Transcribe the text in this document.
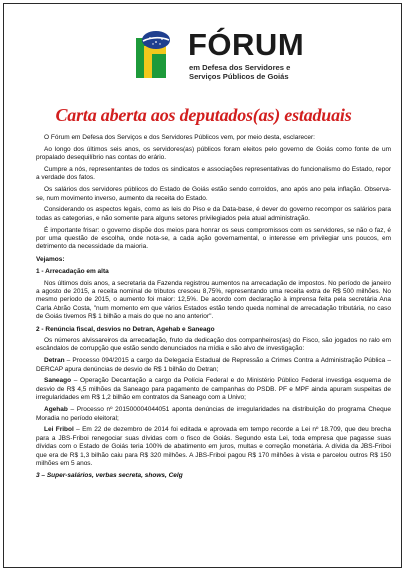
FÓRUM
em Defesa dos Servidores e
Serviços Públicos de Goiás
Carta aberta aos deputados(as) estaduais

O Fórum em Defesa dos Serviços e dos Servidores Públicos vem, por meio desta, esclarecer:

Ao longo dos últimos seis anos, os servidores(as) públicos foram eleitos pelo governo de Goiás como fonte de um propalado desequilíbrio nas contas do erário.

Cumpre a nós, representantes de todos os sindicatos e associações representativas do funcionalismo do Estado, repor a verdade dos fatos.

Os salários dos servidores públicos do Estado de Goiás estão sendo corroídos, ano após ano pela inflação. Observa-se, num movimento inverso, aumento da receita do Estado.

Considerando os aspectos legais, como as leis do Piso e da Data-base, é dever do governo recompor os salários para todas as categorias, e não somente para alguns setores privilegiados pela atual administração.

É importante frisar: o governo dispõe dos meios para honrar os seus compromissos com os servidores, se não o faz, é por uma questão de escolha, onde nota-se, a cada ação governamental, o interesse em privilegiar uns poucos, em detrimento da necessidade da maioria.

Vejamos:
1 - Arrecadação em alta

Nos últimos dois anos, a secretaria da Fazenda registrou aumentos na arrecadação de impostos. No período de janeiro a agosto de 2015, a receita nominal de tributos cresceu 8,75%, representando uma receita extra de R$ 500 milhões. No mesmo período de 2015, o aumento foi maior: 12,5%. De acordo com declaração à imprensa feita pela secretária Ana Carla Abrão Costa, "num momento em que vários Estados estão tendo queda nominal de arrecadação tributária, no caso de Goiás tivemos R$ 1 bilhão a mais do que no ano anterior".

2 - Renúncia fiscal, desvios no Detran, Agehab e Saneago

Os números alvissareiros da arrecadação, fruto da dedicação dos companheiros(as) do Fisco, são jogados no ralo em escândalos de corrupção que estão sendo denunciados na mídia e são alvo de investigação:

Detran – Processo 094/2015 a cargo da Delegacia Estadual de Repressão a Crimes Contra a Administração Pública – DERCAP apura denúncias de desvio de R$ 1 bilhão do Detran;

Saneago – Operação Decantação a cargo da Polícia Federal e do Ministério Público Federal investiga esquema de desvio de R$ 4,5 milhões da Saneago para pagamento de campanhas do PSDB. PF e MPF ainda apuram suspeitas de irregularidades em R$ 1,2 bilhão em contratos da Saneago com a Univo;

Agehab – Processo nº 201500004044051 aponta denúncias de irregularidades na distribuição do programa Cheque Moradia no período eleitoral;

Lei Fribol – Em 22 de dezembro de 2014 foi editada e aprovada em tempo recorde a Lei nº 18.709, que deu brecha para a JBS-Friboi renegociar suas dívidas com o fisco de Goiás. Segundo esta Lei, toda empresa que pagasse suas dívidas com o Estado de Goiás teria 100% de abatimento em juros, multas e correção monetária. A dívida da JBS-Friboi que era de R$ 1,3 bilhão caiu para R$ 320 milhões. A JBS-Friboi pagou R$ 170 milhões à vista e parcelou outros R$ 150 milhões em 5 anos.

3 – Super-salários, verbas secreta, shows, Celg
